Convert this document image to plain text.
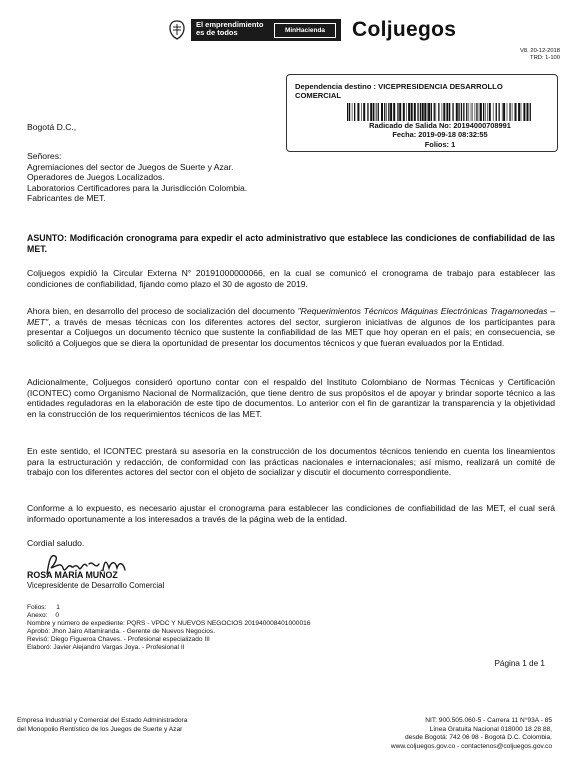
El emprendimiento
es de todos	MinHacienda	Coljuegos
V8. 20-12-2018
TRD: 1-100
Dependencia destino : VICEPRESIDENCIA DESARROLLO COMERCIAL
Radicado de Salida No: 20194000708991
Fecha: 2019-09-18 08:32:55
Folios: 1

Bogotá D.C.,

Señores:
Agremiaciones del sector de Juegos de Suerte y Azar.
Operadores de Juegos Localizados.
Laboratorios Certificadores para la Jurisdicción Colombia.
Fabricantes de MET.

ASUNTO: Modificación cronograma para expedir el acto administrativo que establece las condiciones de confiabilidad de las MET.

Coljuegos expidió la Circular Externa N° 20191000000066, en la cual se comunicó el cronograma de trabajo para establecer las condiciones de confiabilidad, fijando como plazo el 30 de agosto de 2019.

Ahora bien, en desarrollo del proceso de socialización del documento "Requerimientos Técnicos Máquinas Electrónicas Tragamonedas – MET", a través de mesas técnicas con los diferentes actores del sector, surgieron iniciativas de algunos de los participantes para presentar a Coljuegos un documento técnico que sustente la confiabilidad de las MET que hoy operan en el país; en consecuencia, se solicitó a Coljuegos que se diera la oportunidad de presentar los documentos técnicos y que fueran evaluados por la Entidad.

Adicionalmente, Coljuegos consideró oportuno contar con el respaldo del Instituto Colombiano de Normas Técnicas y Certificación (ICONTEC) como Organismo Nacional de Normalización, que tiene dentro de sus propósitos el de apoyar y brindar soporte técnico a las entidades reguladoras en la elaboración de este tipo de documentos. Lo anterior con el fin de garantizar la transparencia y la objetividad en la construcción de los requerimientos técnicos de las MET.

En este sentido, el ICONTEC prestará su asesoría en la construcción de los documentos técnicos teniendo en cuenta los lineamientos para la estructuración y redacción, de conformidad con las prácticas nacionales e internacionales; así mismo, realizará un comité de trabajo con los diferentes actores del sector con el objeto de socializar y discutir el documento correspondiente.

Conforme a lo expuesto, es necesario ajustar el cronograma para establecer las condiciones de confiabilidad de las MET, el cual será informado oportunamente a los interesados a través de la página web de la entidad.

Cordial saludo.

ROSA MARÍA MUÑOZ
Vicepresidente de Desarrollo Comercial
Folios: 1
Anexo: 0
Nombre y número de expediente: PQRS - VPDC Y NUEVOS NEGOCIOS 201940008401000016
Aprobó: Jhon Jairo Altamiranda. - Gerente de Nuevos Negocios.
Revisó: Diego Figueroa Chaves. - Profesional especializado III
Elaboró: Javier Alejandro Vargas Joya. - Profesional II
Página 1 de 1
Empresa Industrial y Comercial del Estado Administradora
del Monopolio Rentístico de los Juegos de Suerte y Azar
NIT: 900.505.060-5 - Carrera 11 N°93A - 85
Línea Gratuita Nacional 018000 18 28 88,
desde Bogotá: 742 06 98 - Bogotá D.C. Colombia.
www.coljuegos.gov.co - contactenos@coljuegos.gov.co
